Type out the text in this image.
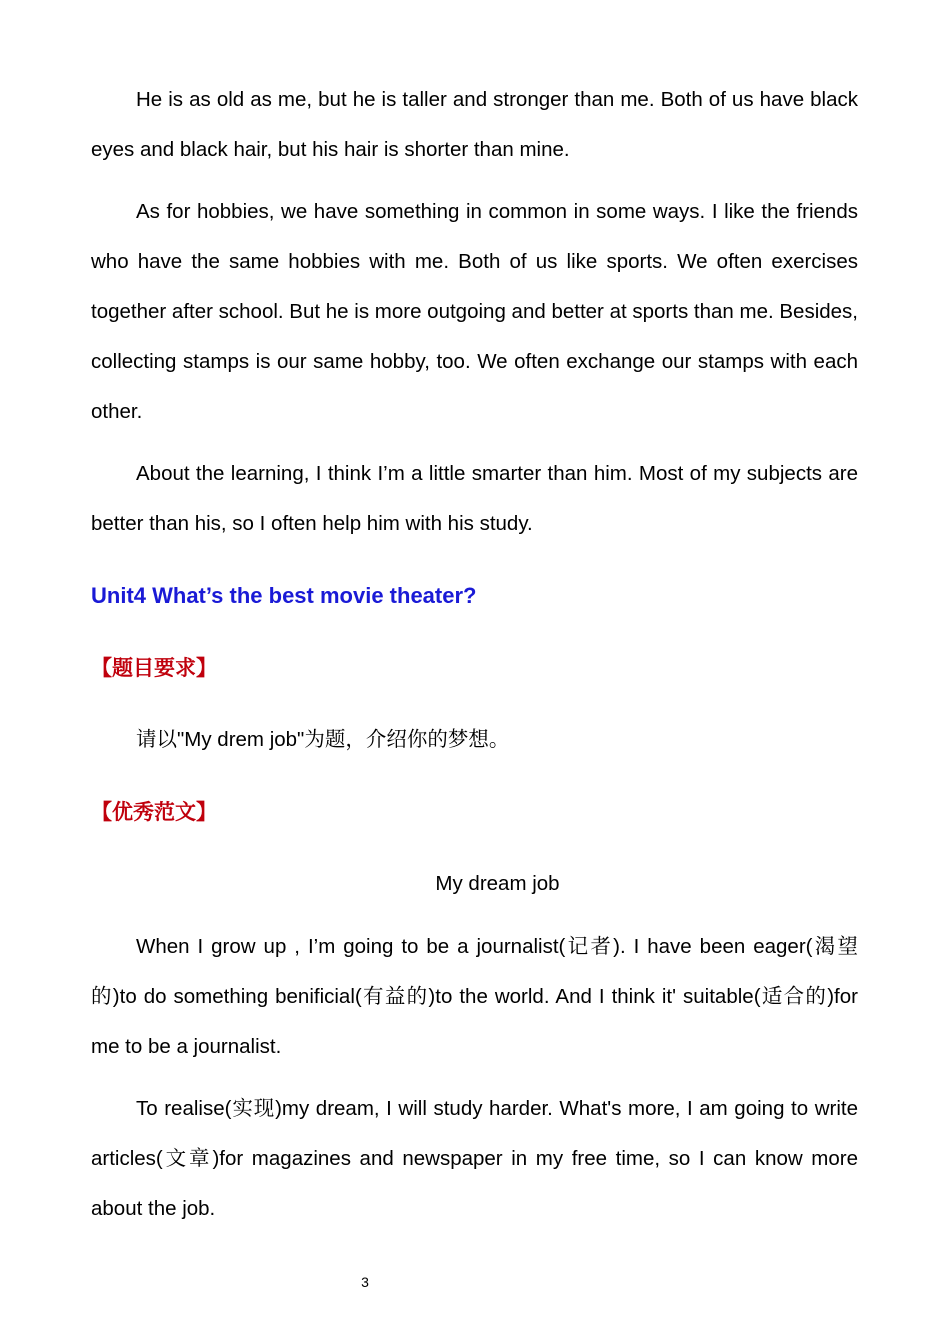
He is as old as me, but he is taller and stronger than me. Both of us have black eyes and black hair, but his hair is shorter than mine.

As for hobbies, we have something in common in some ways. I like the friends who have the same hobbies with me. Both of us like sports. We often exercises together after school. But he is more outgoing and better at sports than me. Besides, collecting stamps is our same hobby, too. We often exchange our stamps with each other.

About the learning, I think I’m a little smarter than him. Most of my subjects are better than his, so I often help him with his study.

Unit4 What’s the best movie theater?

【题目要求】

请以"My drem job"为题，介绍你的梦想。

【优秀范文】

My dream job

When I grow up , I’m going to be a journalist(记者). I have been eager(渴望的)to do something benificial(有益的)to the world. And I think it' suitable(适合的)for me to be a journalist.

To realise(实现)my dream, I will study harder. What's more, I am going to write articles(文章)for magazines and newspaper in my free time, so I can know more about the job.

3
